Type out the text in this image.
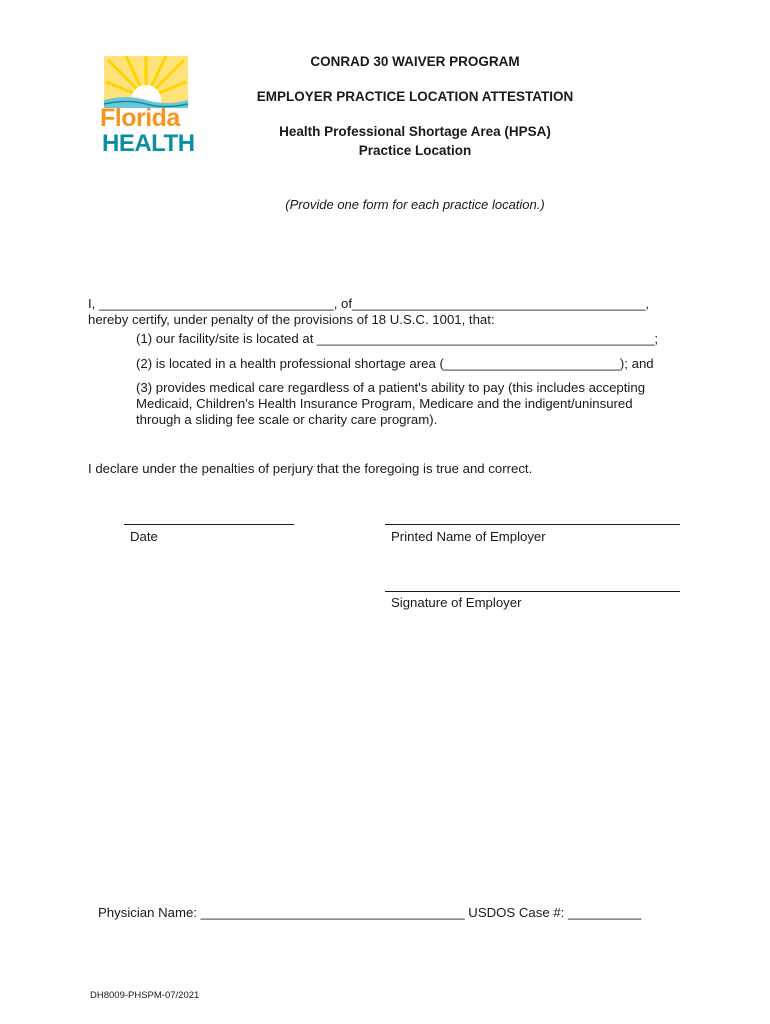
Florida
HEALTH
CONRAD 30 WAIVER PROGRAM
EMPLOYER PRACTICE LOCATION ATTESTATION
Health Professional Shortage Area (HPSA)
Practice Location
(Provide one form for each practice location.)
I, ________________________________, of________________________________________,
hereby certify, under penalty of the provisions of 18 U.S.C. 1001, that:
(1) our facility/site is located at ______________________________________________;
(2) is located in a health professional shortage area (________________________); and
(3) provides medical care regardless of a patient's ability to pay (this includes accepting
Medicaid, Children's Health Insurance Program, Medicare and the indigent/uninsured
through a sliding fee scale or charity care program).
I declare under the penalties of perjury that the foregoing is true and correct.
Date	Printed Name of Employer
Signature of Employer
Physician Name: ____________________________________ USDOS Case #: __________
DH8009-PHSPM-07/2021
